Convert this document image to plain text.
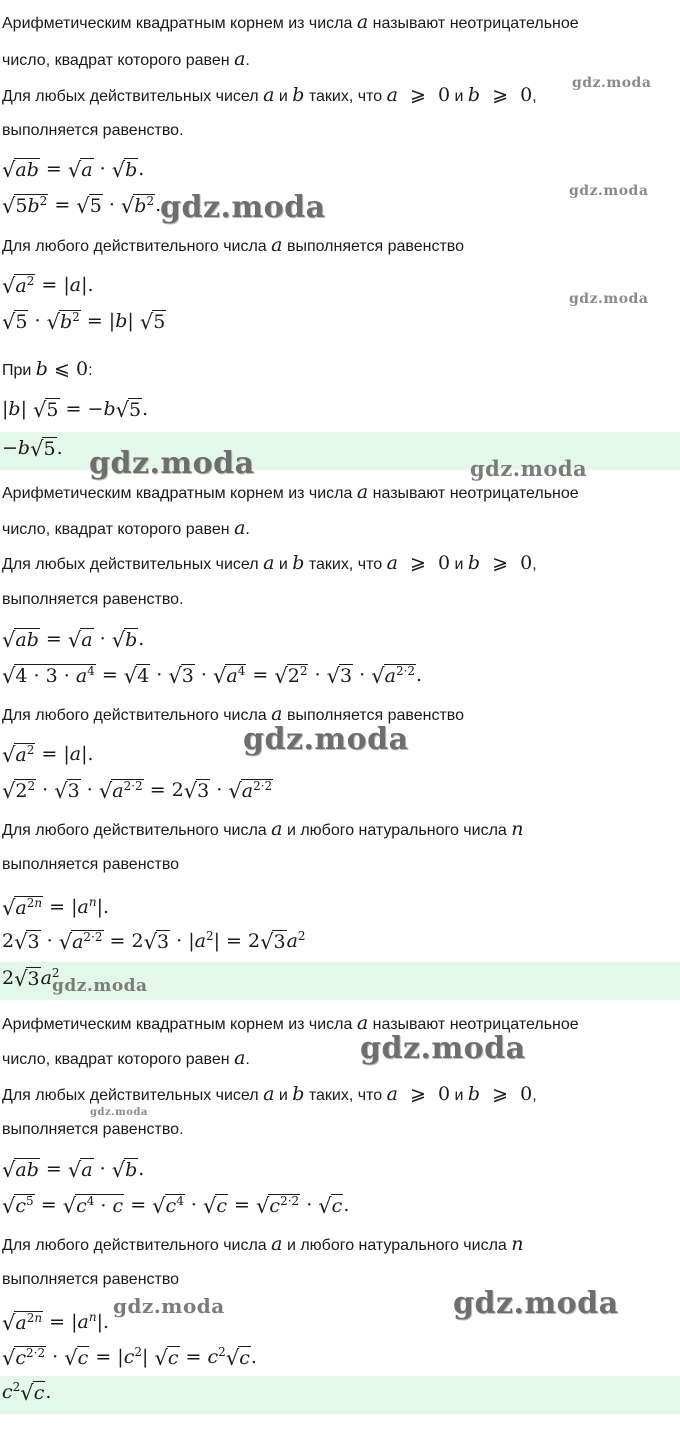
Арифметическим квадратным корнем из числа a называют неотрицательное
число, квадрат которого равен a.
Для любых действительных чисел a и b таких, что a  ⩾  0 и b  ⩾  0,
выполняется равенство.
√ ab = √ a · √ b .
√ $5b^2$ = √ 5 · √ $b^2$ .
Для любого действительного числа a выполняется равенство
√ $a^2 = |a|$.
√ 5 · √ $b^2 = |b|$ √ 5
При b ⩽ 0:
|b| √ 5 = −b √ 5 .
−b √ 5 .
Арифметическим квадратным корнем из числа a называют неотрицательное
число, квадрат которого равен a.
Для любых действительных чисел a и b таких, что a  ⩾  0 и b  ⩾  0,
выполняется равенство.
√ ab = √ a · √ b .
√ $4 \cdot 3 \cdot a^4$ = √ 4 · √ 3 · √ $a^4$ = √ $2^2$ · √ 3 · √ $a^{2\cdot 2}$ .
Для любого действительного числа a выполняется равенство
√ $a^2 = |a|$.
√ $2^2$ · √ 3 · √ $a^{2\cdot 2} = 2$ √ 3 · √ $a^{2\cdot 2}$
Для любого действительного числа a и любого натурального числа n
выполняется равенство
√ $a^{2n} = |a^n|$.
2 √ 3 · √ $a^{2\cdot 2} = 2$ √ $3 \cdot |a^2| = 2$ √ 3 $a^2$
2 √ 3 $a^2$
Арифметическим квадратным корнем из числа a называют неотрицательное
число, квадрат которого равен a.
Для любых действительных чисел a и b таких, что a  ⩾  0 и b  ⩾  0,
выполняется равенство.
√ ab = √ a · √ b .
√ $c^5$ = √ $c^4 \cdot c$ = √ $c^4$ · √ c = √ $c^{2\cdot 2}$ · √ c .
Для любого действительного числа a и любого натурального числа n
выполняется равенство
√ $a^{2n} = |a^n|$.
√ $c^{2\cdot 2}$ · √ $c = |c^2|$ √ $c = c^2$ √ c .
$c^2$ √ c .
gdz.moda
gdz.moda	gdz.moda
gdz.moda
gdz.moda	gdz.moda
gdz.moda
gdz.moda
gdz.moda
gdz.moda
gdz.moda	gdz.moda
